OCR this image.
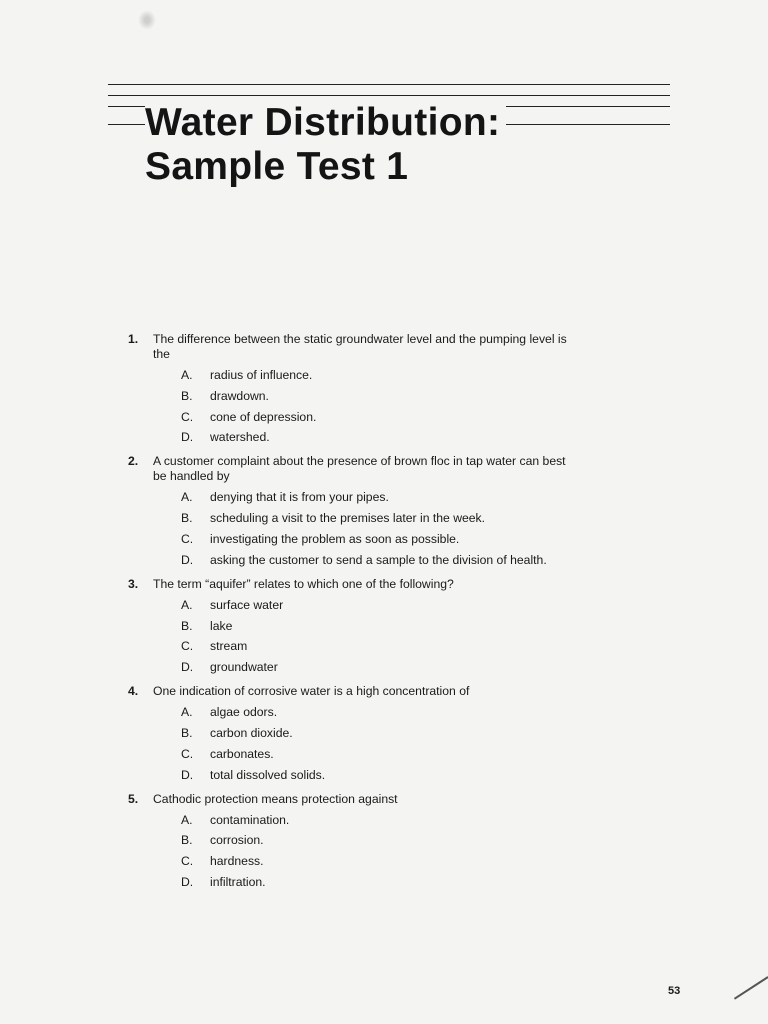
Water Distribution:
Sample Test 1
1.	The difference between the static groundwater level and the pumping level is the
A.	radius of influence.
B.	drawdown.
C.	cone of depression.
D.	watershed.
2.	A customer complaint about the presence of brown floc in tap water can best be handled by
A.	denying that it is from your pipes.
B.	scheduling a visit to the premises later in the week.
C.	investigating the problem as soon as possible.
D.	asking the customer to send a sample to the division of health.
3.	The term “aquifer” relates to which one of the following?
A.	surface water
B.	lake
C.	stream
D.	groundwater
4.	One indication of corrosive water is a high concentration of
A.	algae odors.
B.	carbon dioxide.
C.	carbonates.
D.	total dissolved solids.
5.	Cathodic protection means protection against
A.	contamination.
B.	corrosion.
C.	hardness.
D.	infiltration.
53
